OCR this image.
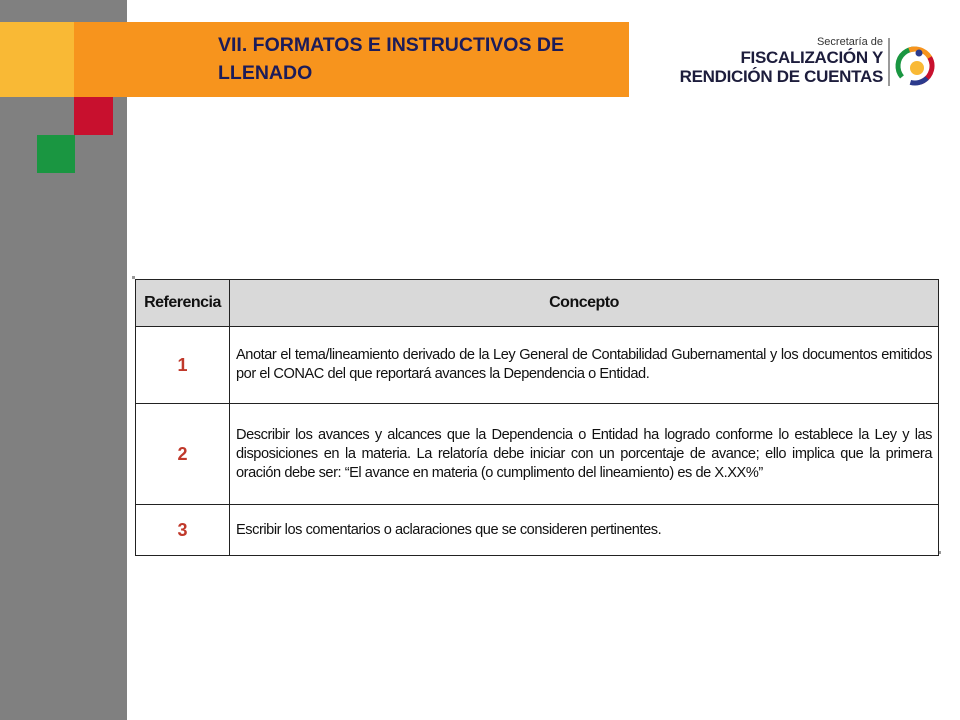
VII. FORMATOS E INSTRUCTIVOS DE LLENADO
Secretaría de
FISCALIZACIÓN Y
RENDICIÓN DE CUENTAS
Referencia	Concepto
1	Anotar el tema/lineamiento derivado de la Ley General de Contabilidad Gubernamental y los documentos emitidos por el CONAC del que reportará avances la Dependencia o Entidad.
2	Describir los avances y alcances que la Dependencia o Entidad ha logrado conforme lo establece la Ley y las disposiciones en la materia. La relatoría debe iniciar con un porcentaje de avance; ello implica que la primera oración debe ser: “El avance en materia (o cumplimento del lineamiento) es de X.XX%”
3	Escribir los comentarios o aclaraciones que se consideren pertinentes.
